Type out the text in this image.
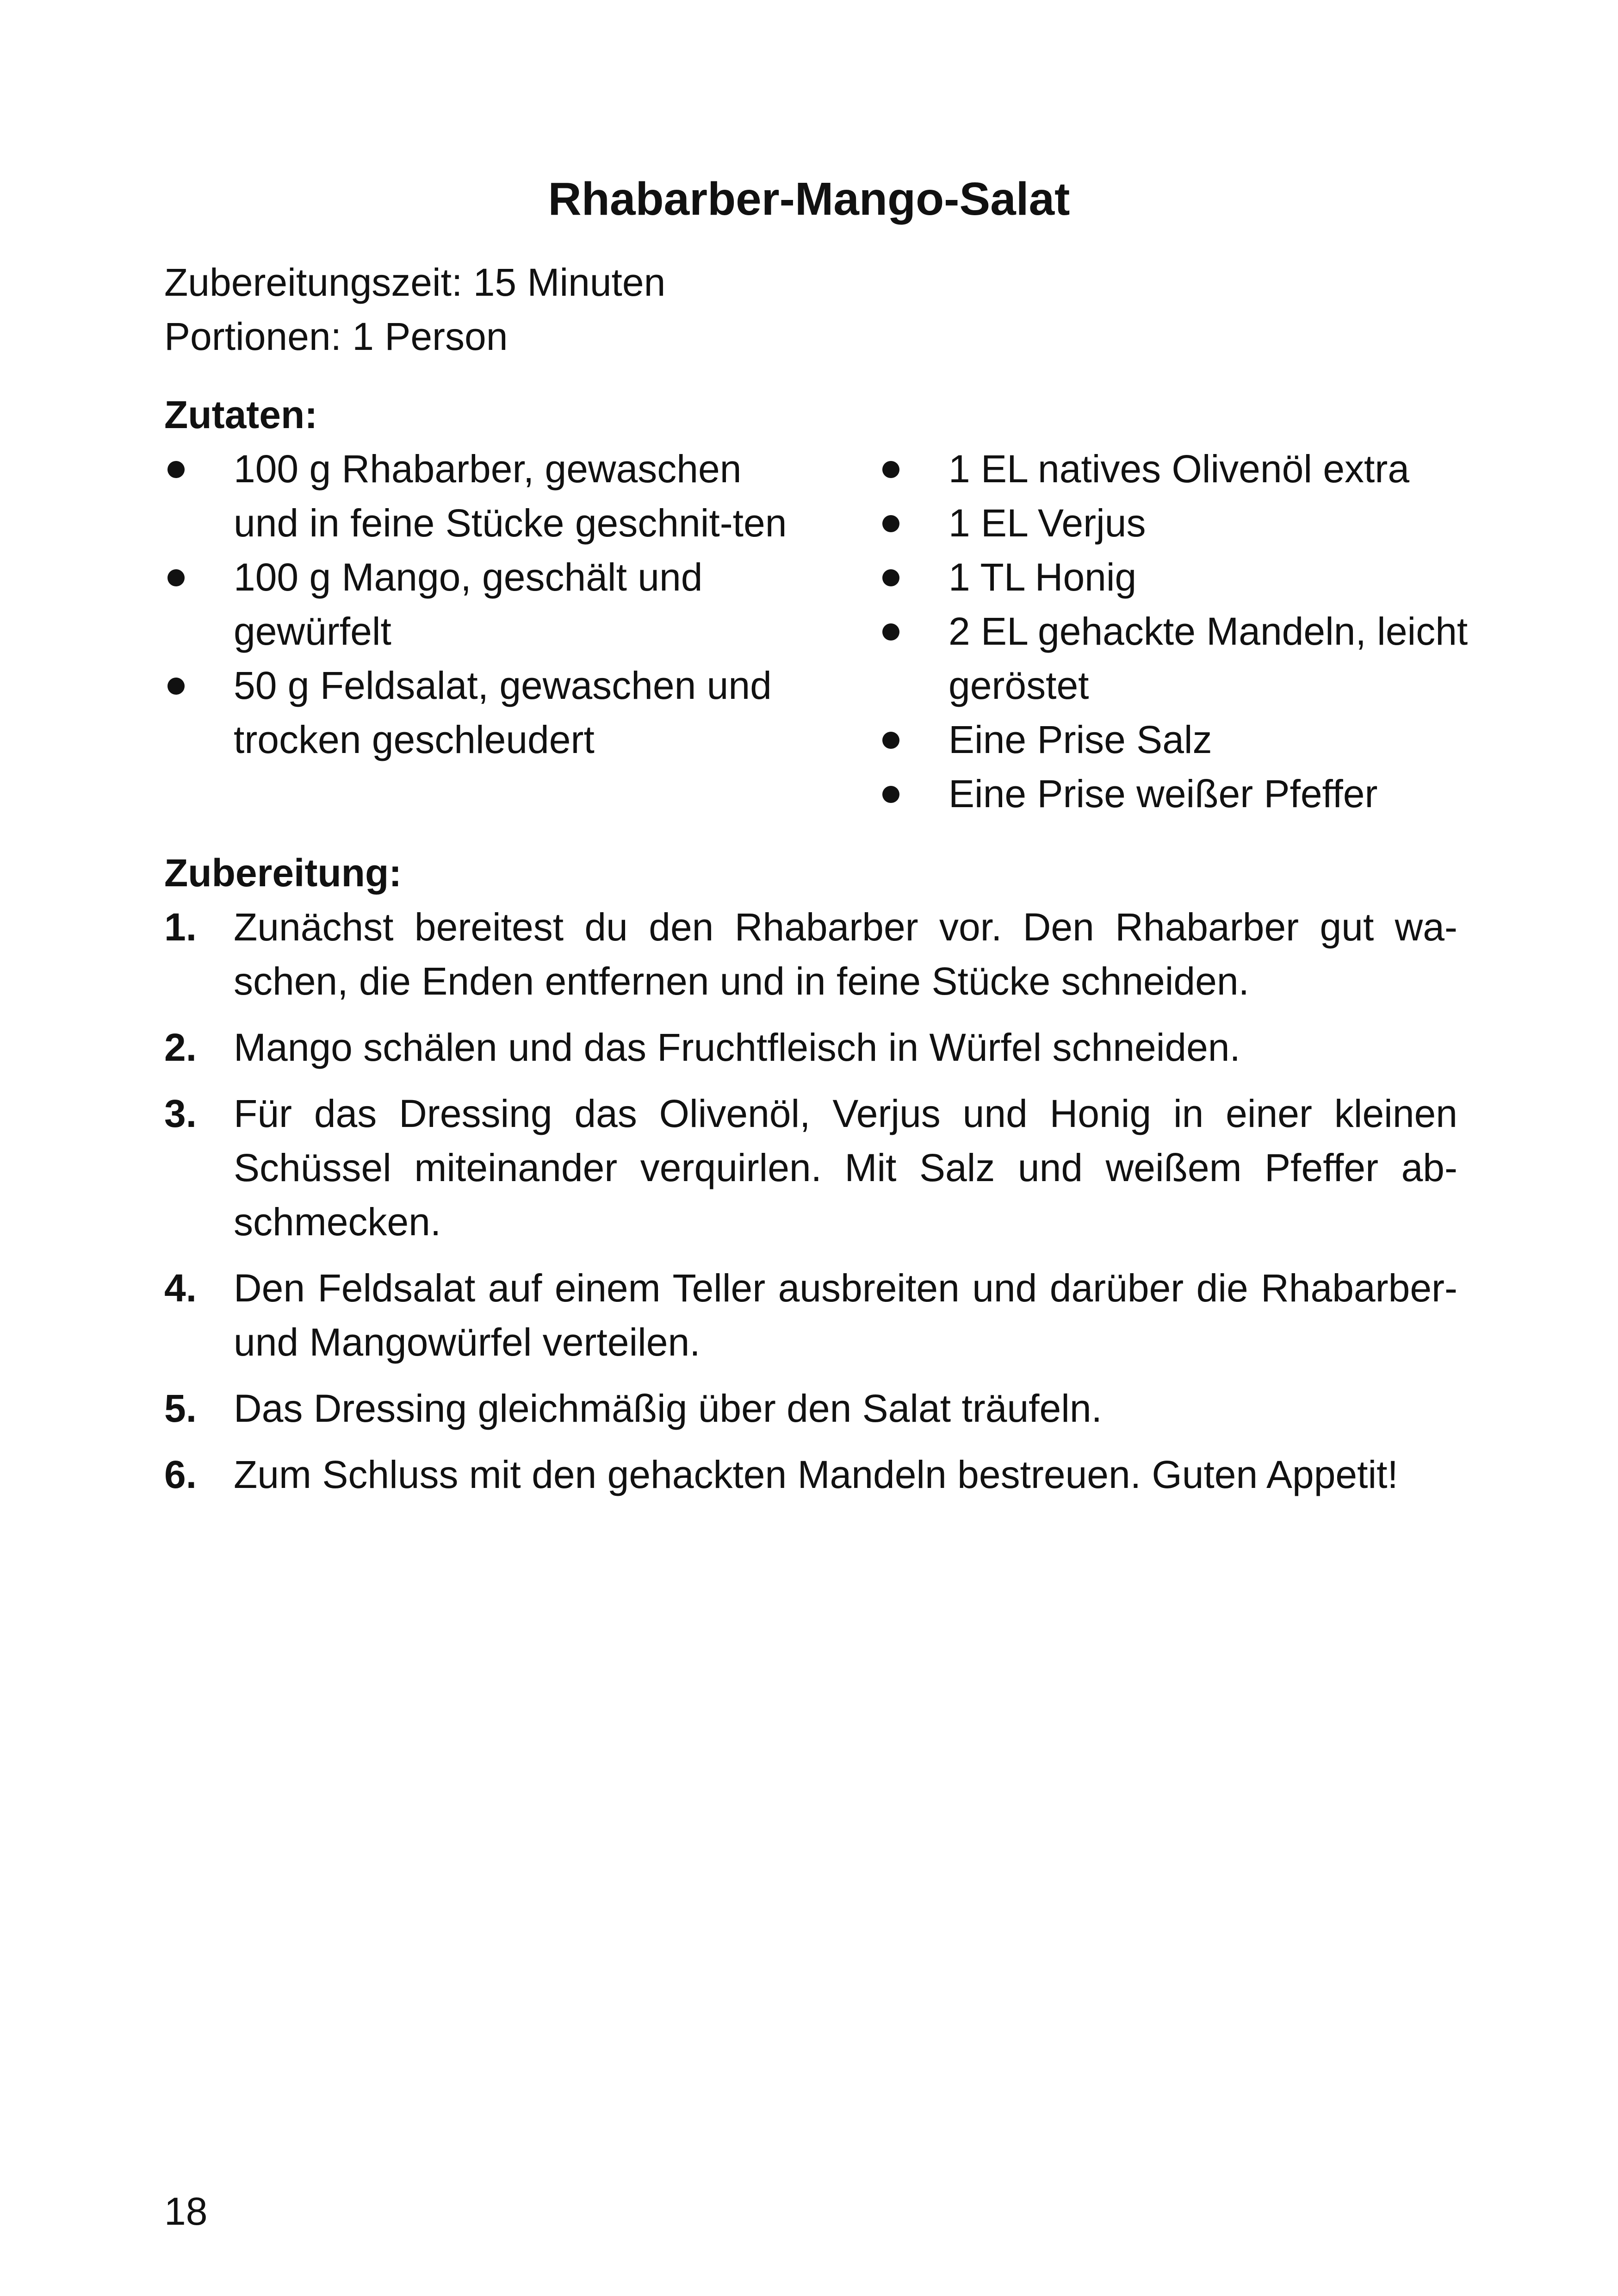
Rhabarber-Mango-Salat

Zubereitungszeit: 15 Minuten

Portionen: 1 Person

Zutaten:
100 g Rhabarber, gewaschen und in feine Stücke geschnit-ten
100 g Mango, geschält und gewürfelt
50 g Feldsalat, gewaschen und trocken geschleudert
1 EL natives Olivenöl extra
1 EL Verjus
1 TL Honig
2 EL gehackte Mandeln, leicht geröstet
Eine Prise Salz
Eine Prise weißer Pfeffer
Zubereitung:
1. Zunächst bereitest du den Rhabarber vor. Den Rhabarber gut wa-schen, die Enden entfernen und in feine Stücke schneiden.
2. Mango schälen und das Fruchtfleisch in Würfel schneiden.
3. Für das Dressing das Olivenöl, Verjus und Honig in einer kleinen Schüssel miteinander verquirlen. Mit Salz und weißem Pfeffer ab-schmecken.
4. Den Feldsalat auf einem Teller ausbreiten und darüber die Rhabarber- und Mangowürfel verteilen.
5. Das Dressing gleichmäßig über den Salat träufeln.
6. Zum Schluss mit den gehackten Mandeln bestreuen. Guten Appetit!

18
